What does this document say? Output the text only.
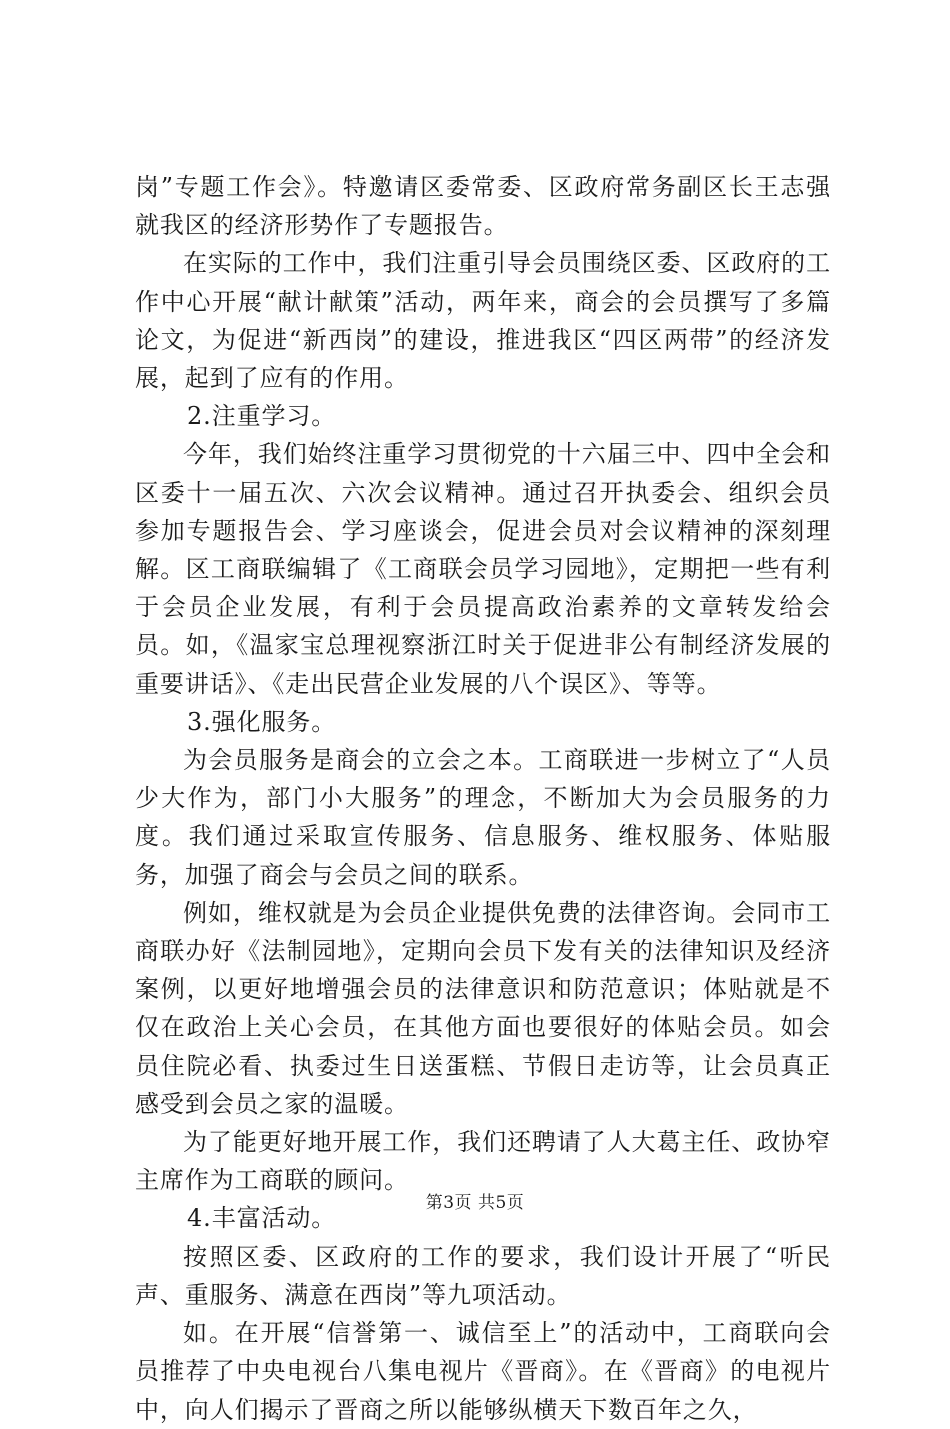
岗”专题工作会》。特邀请区委常委、区政府常务副区长王志强就我区的经济形势作了专题报告。

在实际的工作中，我们注重引导会员围绕区委、区政府的工作中心开展“献计献策”活动，两年来，商会的会员撰写了多篇论文，为促进“新西岗”的建设，推进我区“四区两带”的经济发展，起到了应有的作用。

2.注重学习。

今年，我们始终注重学习贯彻党的十六届三中、四中全会和区委十一届五次、六次会议精神。通过召开执委会、组织会员参加专题报告会、学习座谈会，促进会员对会议精神的深刻理解。区工商联编辑了《工商联会员学习园地》，定期把一些有利于会员企业发展，有利于会员提高政治素养的文章转发给会员。如，《温家宝总理视察浙江时关于促进非公有制经济发展的重要讲话》、《走出民营企业发展的八个误区》、等等。

3.强化服务。

为会员服务是商会的立会之本。工商联进一步树立了“人员少大作为，部门小大服务”的理念，不断加大为会员服务的力度。我们通过采取宣传服务、信息服务、维权服务、体贴服务，加强了商会与会员之间的联系。

例如，维权就是为会员企业提供免费的法律咨询。会同市工商联办好《法制园地》，定期向会员下发有关的法律知识及经济案例，以更好地增强会员的法律意识和防范意识；体贴就是不仅在政治上关心会员，在其他方面也要很好的体贴会员。如会员住院必看、执委过生日送蛋糕、节假日走访等，让会员真正感受到会员之家的温暖。

为了能更好地开展工作，我们还聘请了人大葛主任、政协窄主席作为工商联的顾问。

4.丰富活动。

按照区委、区政府的工作的要求，我们设计开展了“听民声、重服务、满意在西岗”等九项活动。

如。在开展“信誉第一、诚信至上”的活动中，工商联向会员推荐了中央电视台八集电视片《晋商》。在《晋商》的电视片中，向人们揭示了晋商之所以能够纵横天下数百年之久，

第3页 共5页
